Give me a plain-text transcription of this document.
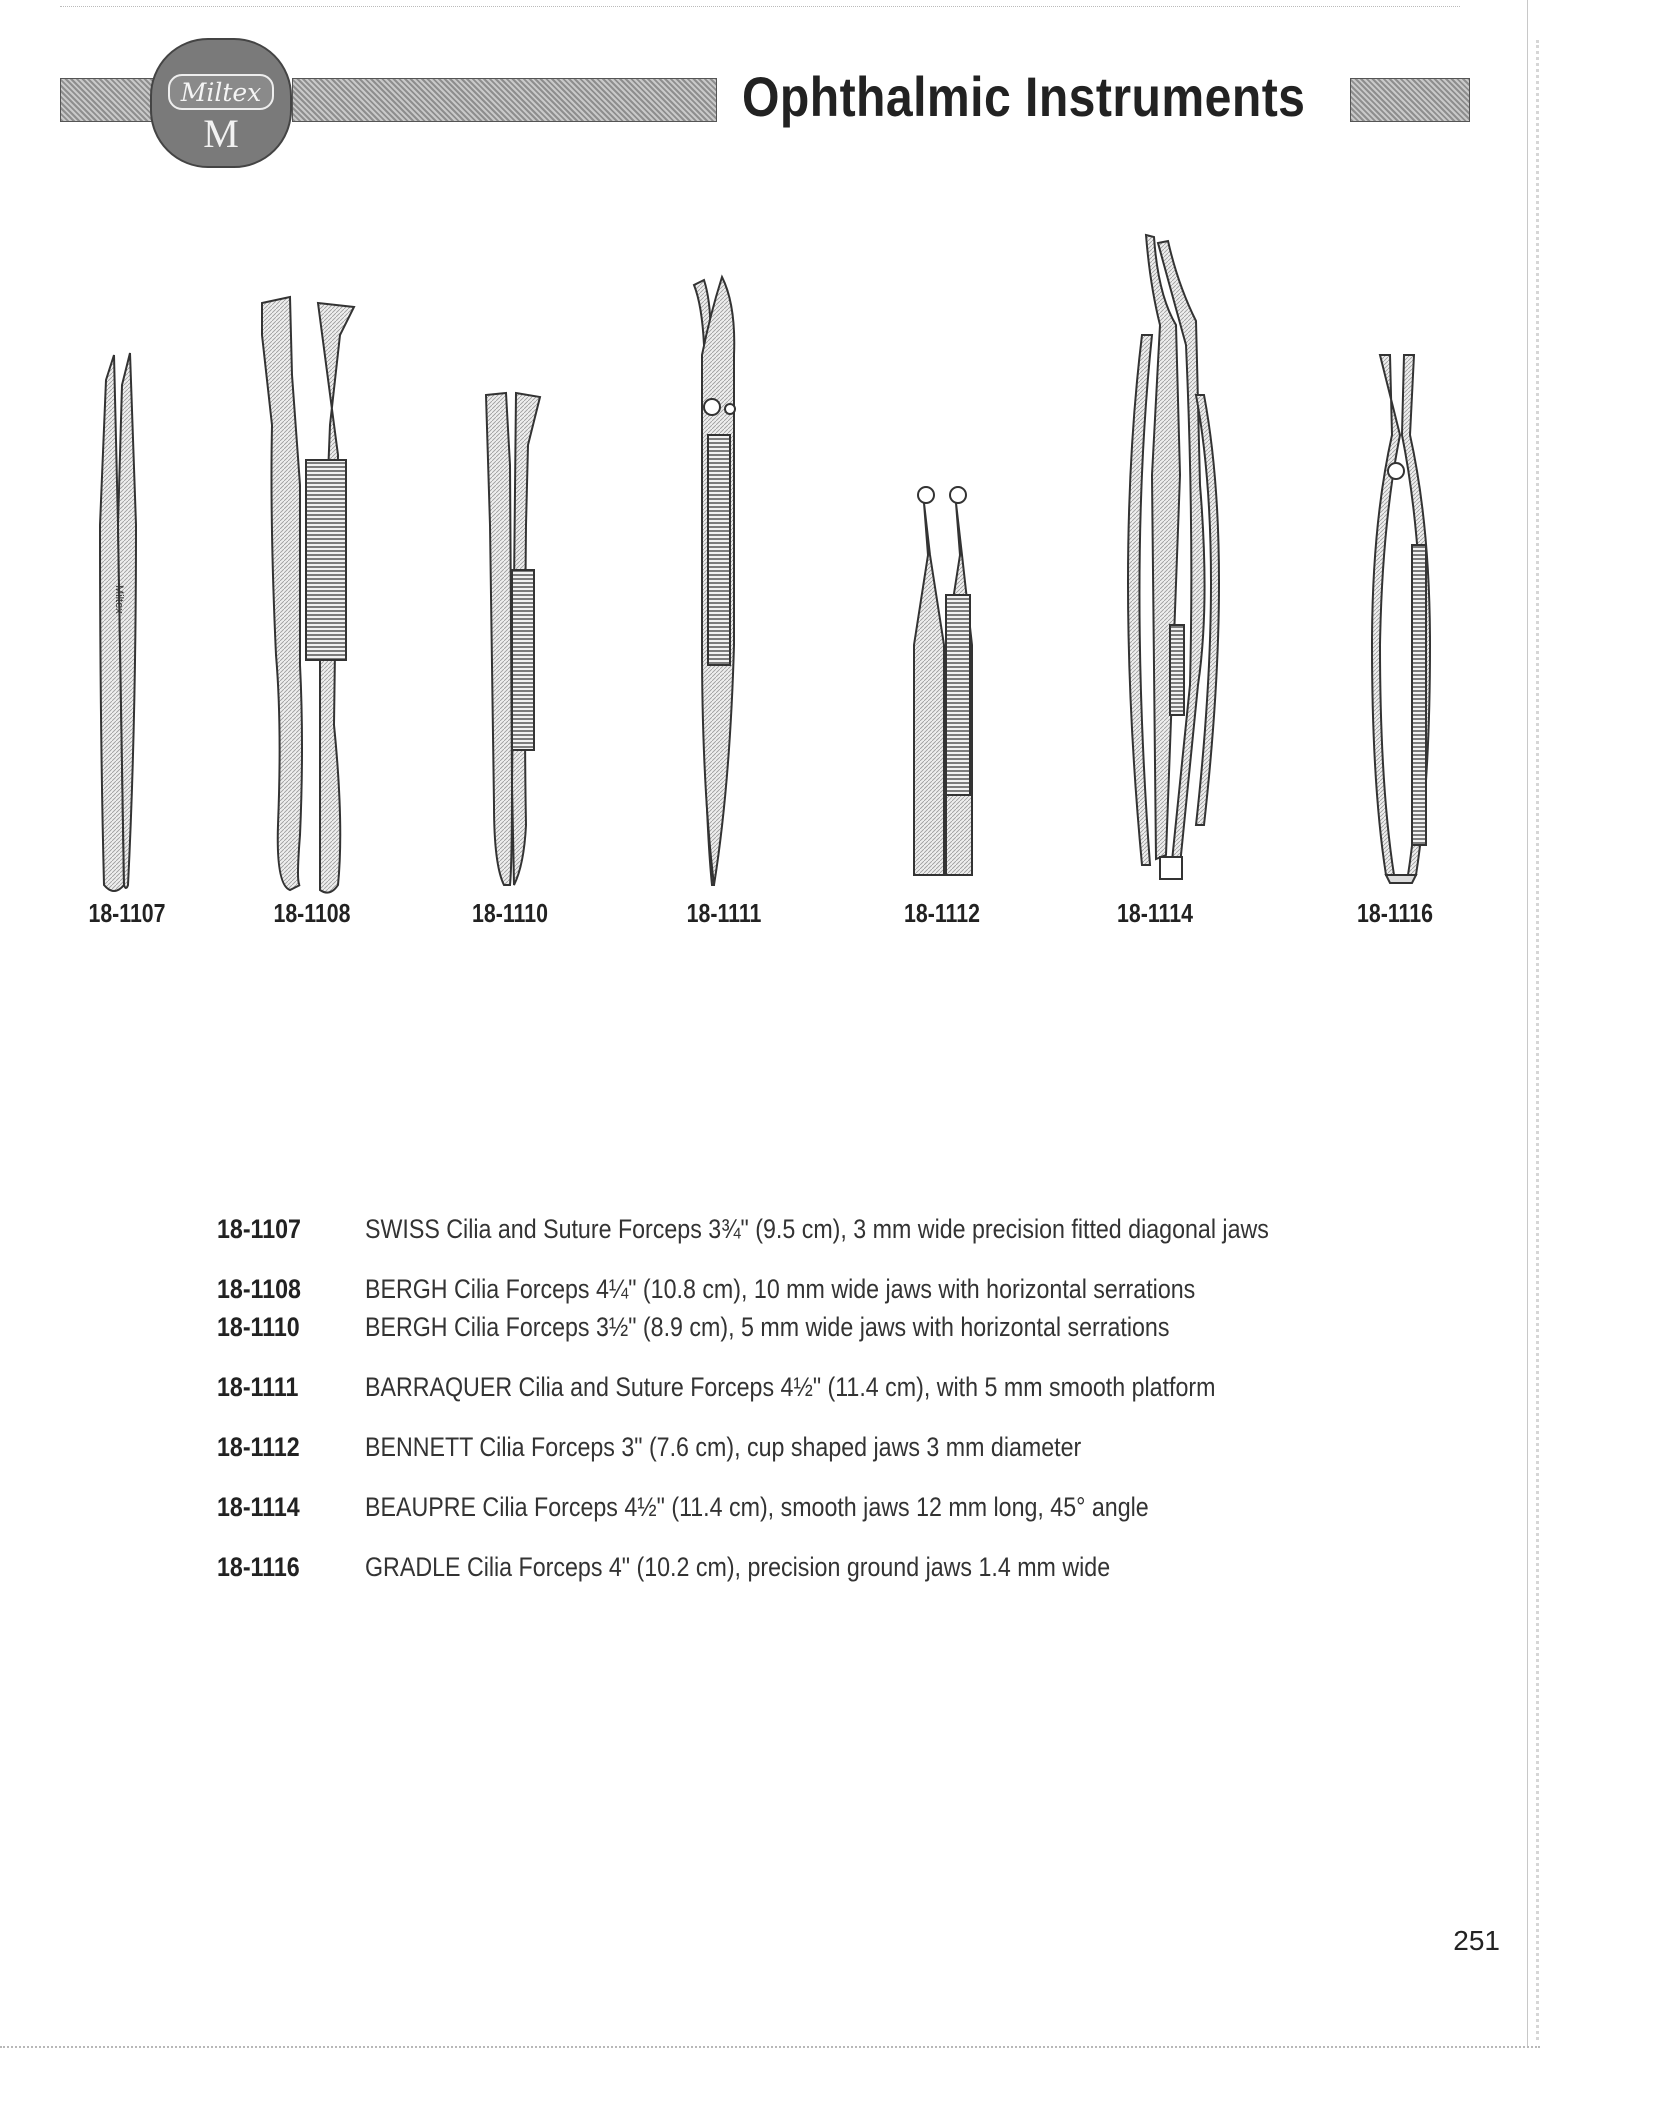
Miltex
M
Ophthalmic Instruments
Miltex
18-1107	18-1108	18-1110	18-1111	18-1112	18-1114	18-1116
18-1107	SWISS Cilia and Suture Forceps 3¾" (9.5 cm), 3 mm wide precision fitted diagonal jaws
18-1108	BERGH Cilia Forceps 4¼" (10.8 cm), 10 mm wide jaws with horizontal serrations
18-1110	BERGH Cilia Forceps 3½" (8.9 cm), 5 mm wide jaws with horizontal serrations
18-1111	BARRAQUER Cilia and Suture Forceps 4½" (11.4 cm), with 5 mm smooth platform
18-1112	BENNETT Cilia Forceps 3" (7.6 cm), cup shaped jaws 3 mm diameter
18-1114	BEAUPRE Cilia Forceps 4½" (11.4 cm), smooth jaws 12 mm long, 45° angle
18-1116	GRADLE Cilia Forceps 4" (10.2 cm), precision ground jaws 1.4 mm wide
251
